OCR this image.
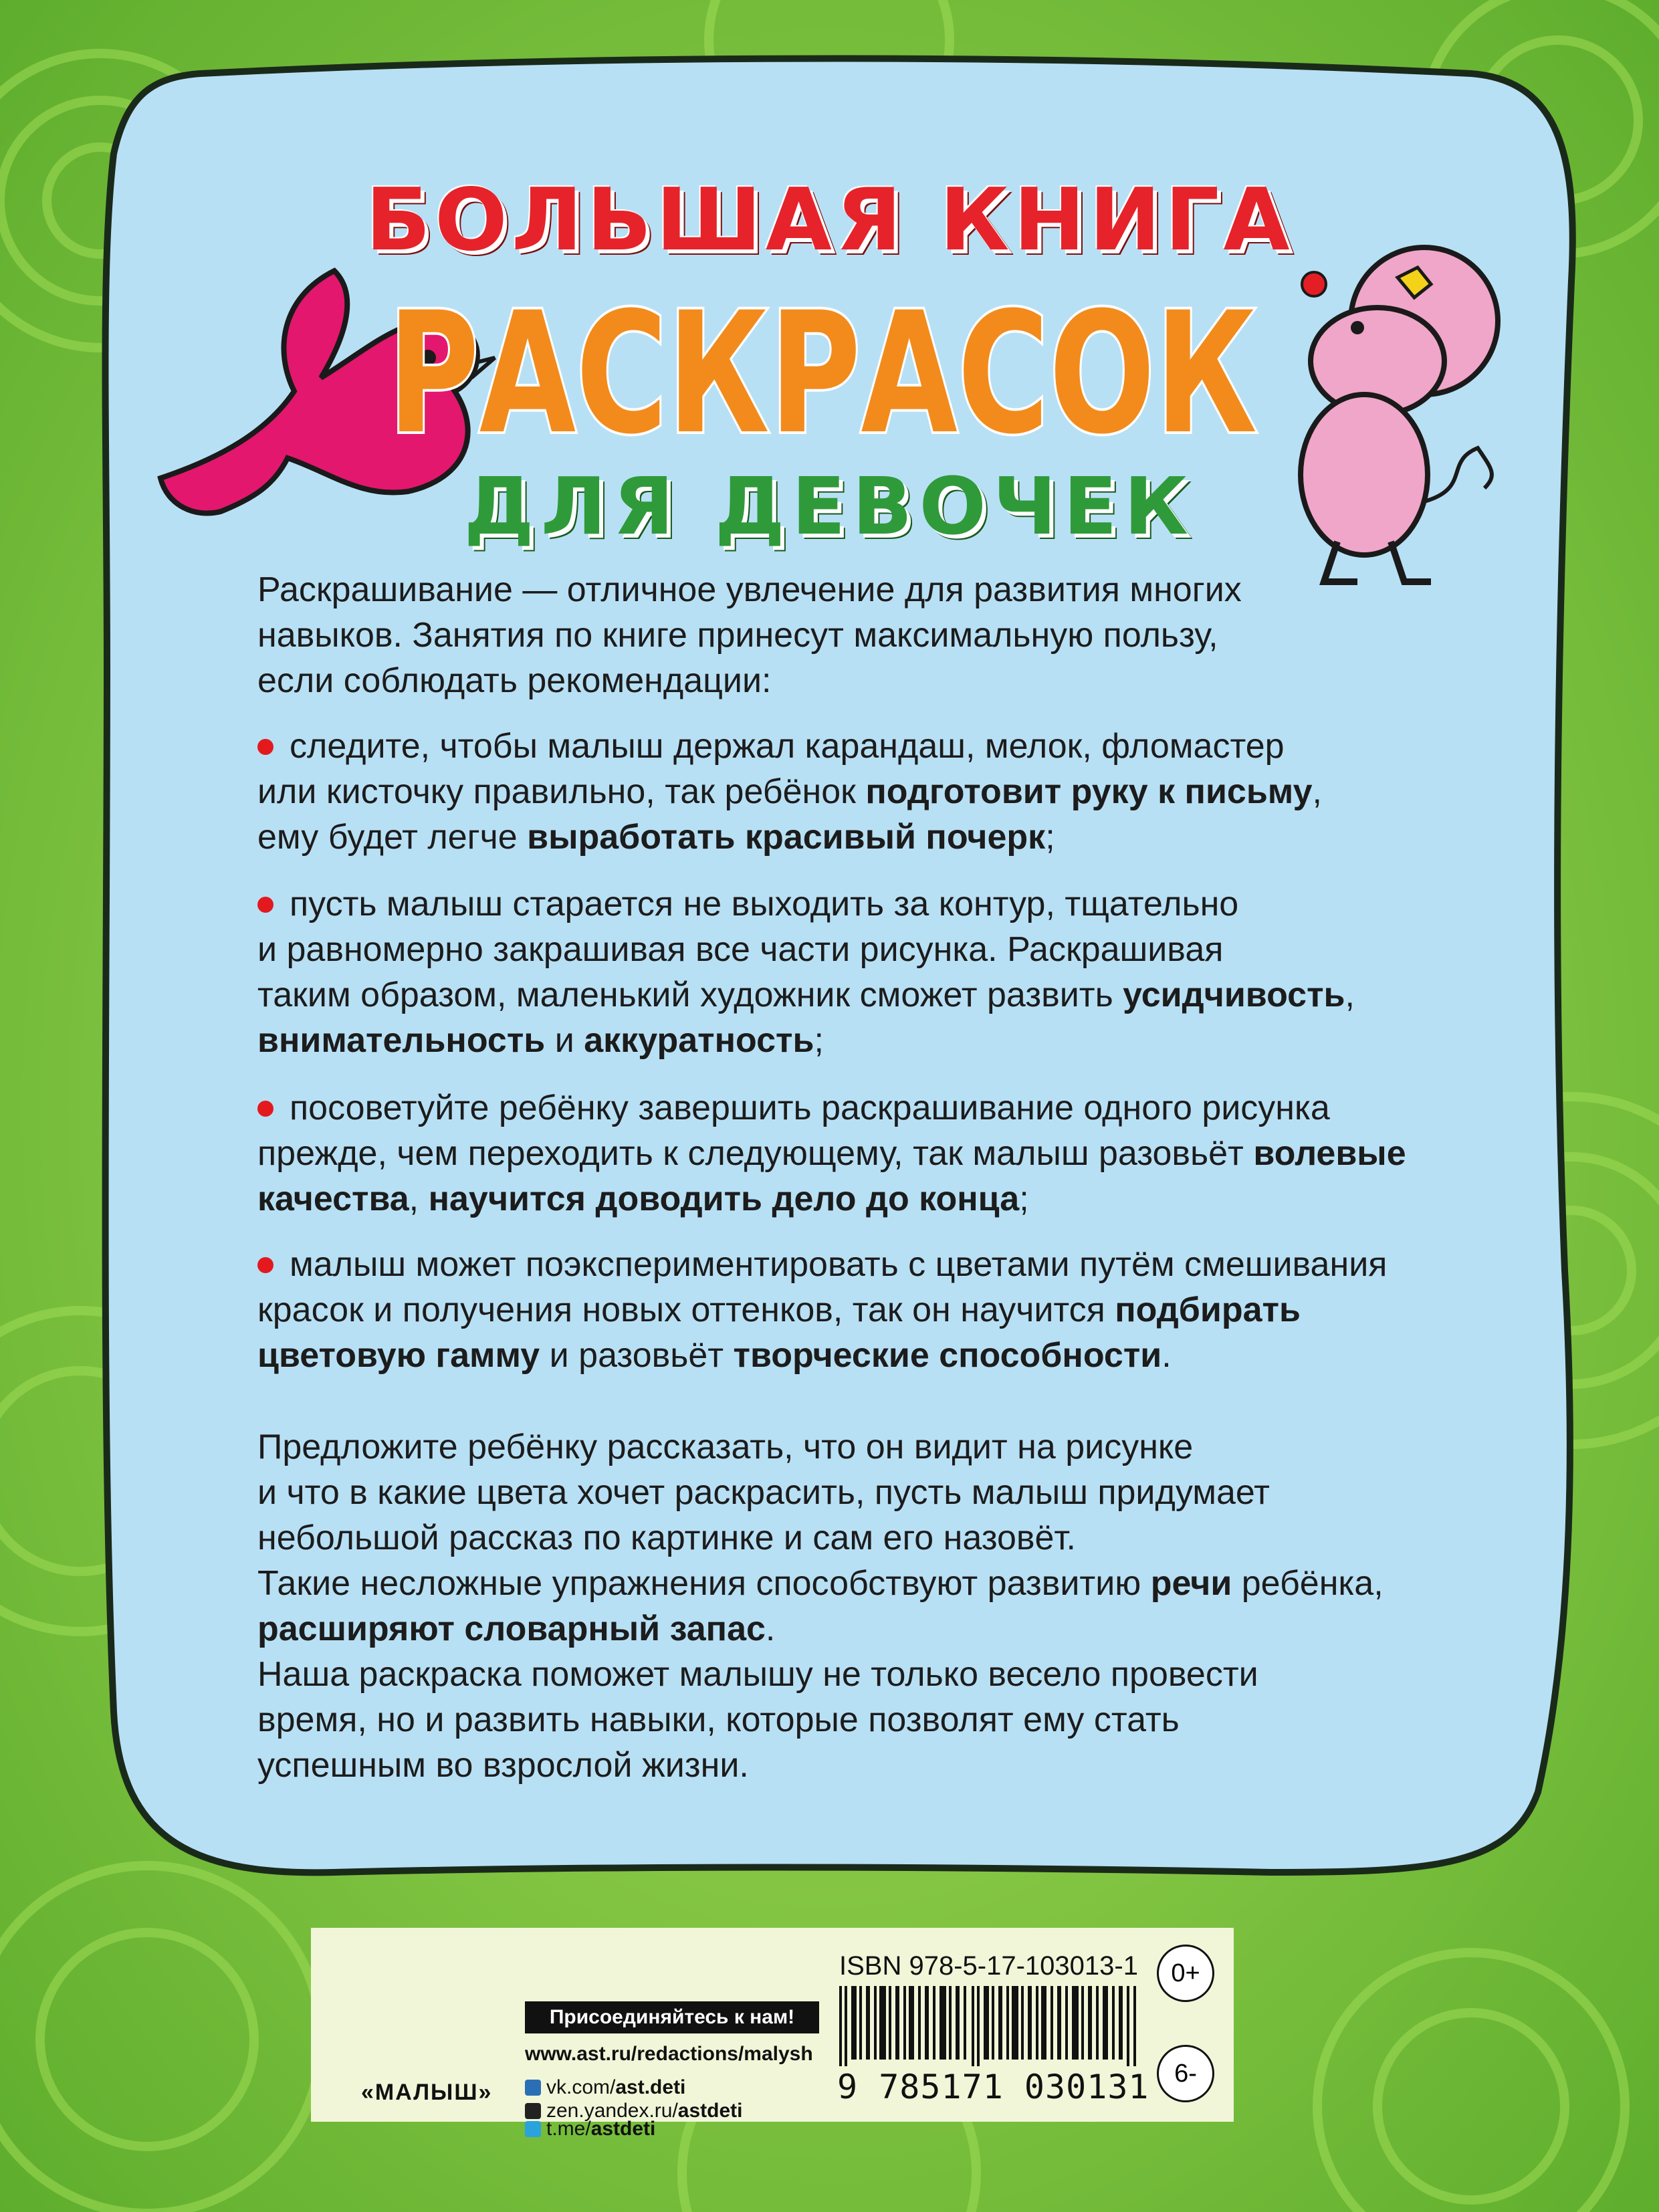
БОЛЬШАЯ КНИГА
РАСКРАСОК
ДЛЯ ДЕВОЧЕК
Раскрашивание — отличное увлечение для развития многих
навыков. Занятия по книге принесут максимальную пользу,
если соблюдать рекомендации:
следите, чтобы малыш держал карандаш, мелок, фломастер
или кисточку правильно, так ребёнок подготовит руку к письму,
ему будет легче выработать красивый почерк;
пусть малыш старается не выходить за контур, тщательно
и равномерно закрашивая все части рисунка. Раскрашивая
таким образом, маленький художник сможет развить усидчивость,
внимательность и аккуратность;
посоветуйте ребёнку завершить раскрашивание одного рисунка
прежде, чем переходить к следующему, так малыш разовьёт волевые
качества, научится доводить дело до конца;
малыш может поэкспериментировать с цветами путём смешивания
красок и получения новых оттенков, так он научится подбирать
цветовую гамму и разовьёт творческие способности.
Предложите ребёнку рассказать, что он видит на рисунке
и что в какие цвета хочет раскрасить, пусть малыш придумает
небольшой рассказ по картинке и сам его назовёт.
Такие несложные упражнения способствуют развитию речи ребёнка,
расширяют словарный запас.
Наша раскраска поможет малышу не только весело провести
время, но и развить навыки, которые позволят ему стать
успешным во взрослой жизни.
«МАЛЫШ»
Присоединяйтесь к нам!
www.ast.ru/redactions/malysh
vk.com/ast.deti
zen.yandex.ru/astdeti
t.me/astdeti
ISBN 978-5-17-103013-1
9 785171 030131
0+
6-
